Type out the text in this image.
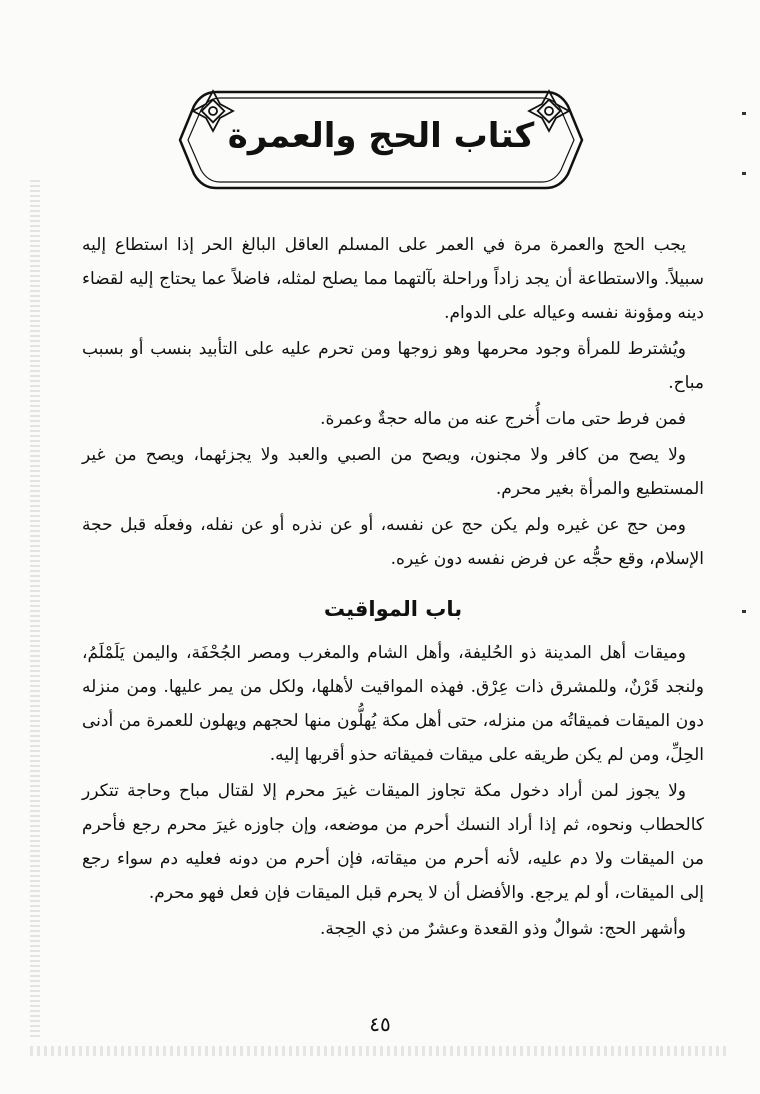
كتاب الحج والعمرة

يجب الحج والعمرة مرة في العمر على المسلم العاقل البالغ الحر إذا استطاع إليه سبيلاً. والاستطاعة أن يجد زاداً وراحلة بآلتهما مما يصلح لمثله، فاضلاً عما يحتاج إليه لقضاء دينه ومؤونة نفسه وعياله على الدوام.

ويُشترط للمرأة وجود محرمها وهو زوجها ومن تحرم عليه على التأبيد بنسب أو بسبب مباح.

فمن فرط حتى مات أُخرج عنه من ماله حجةٌ وعمرة.

ولا يصح من كافر ولا مجنون، ويصح من الصبي والعبد ولا يجزئهما، ويصح من غير المستطيع والمرأة بغير محرم.

ومن حج عن غيره ولم يكن حج عن نفسه، أو عن نذره أو عن نفله، وفعلَه قبل حجة الإسلام، وقع حجُّه عن فرض نفسه دون غيره.

باب المواقيت

وميقات أهل المدينة ذو الحُليفة، وأهل الشام والمغرب ومصر الجُحْفَة، واليمن يَلَمْلَمُ، ولنجد قَرْنٌ، وللمشرق ذات عِرْق. فهذه المواقيت لأهلها، ولكل من يمر عليها. ومن منزله دون الميقات فميقاتُه من منزله، حتى أهل مكة يُهلُّون منها لحجهم ويهلون للعمرة من أدنى الحِلِّ، ومن لم يكن طريقه على ميقات فميقاته حذو أقربها إليه.

ولا يجوز لمن أراد دخول مكة تجاوز الميقات غيرَ محرم إلا لقتال مباح وحاجة تتكرر كالحطاب ونحوه، ثم إذا أراد النسك أحرم من موضعه، وإن جاوزه غيرَ محرم رجع فأحرم من الميقات ولا دم عليه، لأنه أحرم من ميقاته، فإن أحرم من دونه فعليه دم سواء رجع إلى الميقات، أو لم يرجع. والأفضل أن لا يحرم قبل الميقات فإن فعل فهو محرم.

وأشهر الحج: شوالٌ وذو القعدة وعشرٌ من ذي الحِجة.

٤٥
